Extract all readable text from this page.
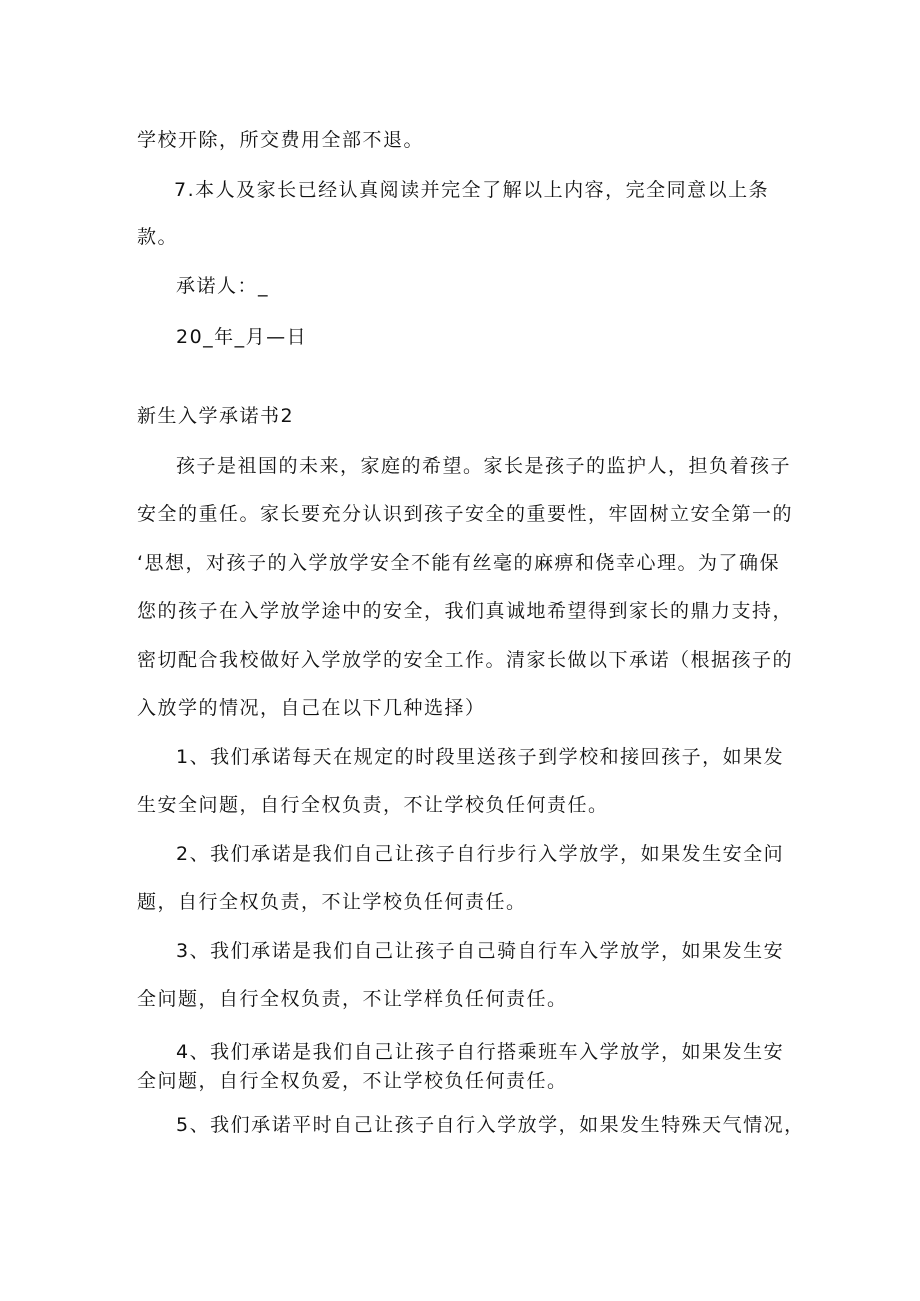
学校开除，所交费用全部不退。
7.本人及家长已经认真阅读并完全了解以上内容，完全同意以上条
款。
承诺人：_
20_年_月—日
新生入学承诺书2
孩子是祖国的未来，家庭的希望。家长是孩子的监护人，担负着孩子
安全的重任。家长要充分认识到孩子安全的重要性，牢固树立安全第一的
‘思想，对孩子的入学放学安全不能有丝毫的麻痹和侥幸心理。为了确保
您的孩子在入学放学途中的安全，我们真诚地希望得到家长的鼎力支持，
密切配合我校做好入学放学的安全工作。清家长做以下承诺（根据孩子的
入放学的情况，自己在以下几种选择）
1、我们承诺每天在规定的时段里送孩子到学校和接回孩子，如果发
生安全问题，自行全权负责，不让学校负任何责任。
2、我们承诺是我们自己让孩子自行步行入学放学，如果发生安全问
题，自行全权负责，不让学校负任何责任。
3、我们承诺是我们自己让孩子自己骑自行车入学放学，如果发生安
全问题，自行全权负责，不让学样负任何责任。
4、我们承诺是我们自己让孩子自行搭乘班车入学放学，如果发生安
全问题，自行全权负爱，不让学校负任何责任。
5、我们承诺平时自己让孩子自行入学放学，如果发生特殊天气情况，
